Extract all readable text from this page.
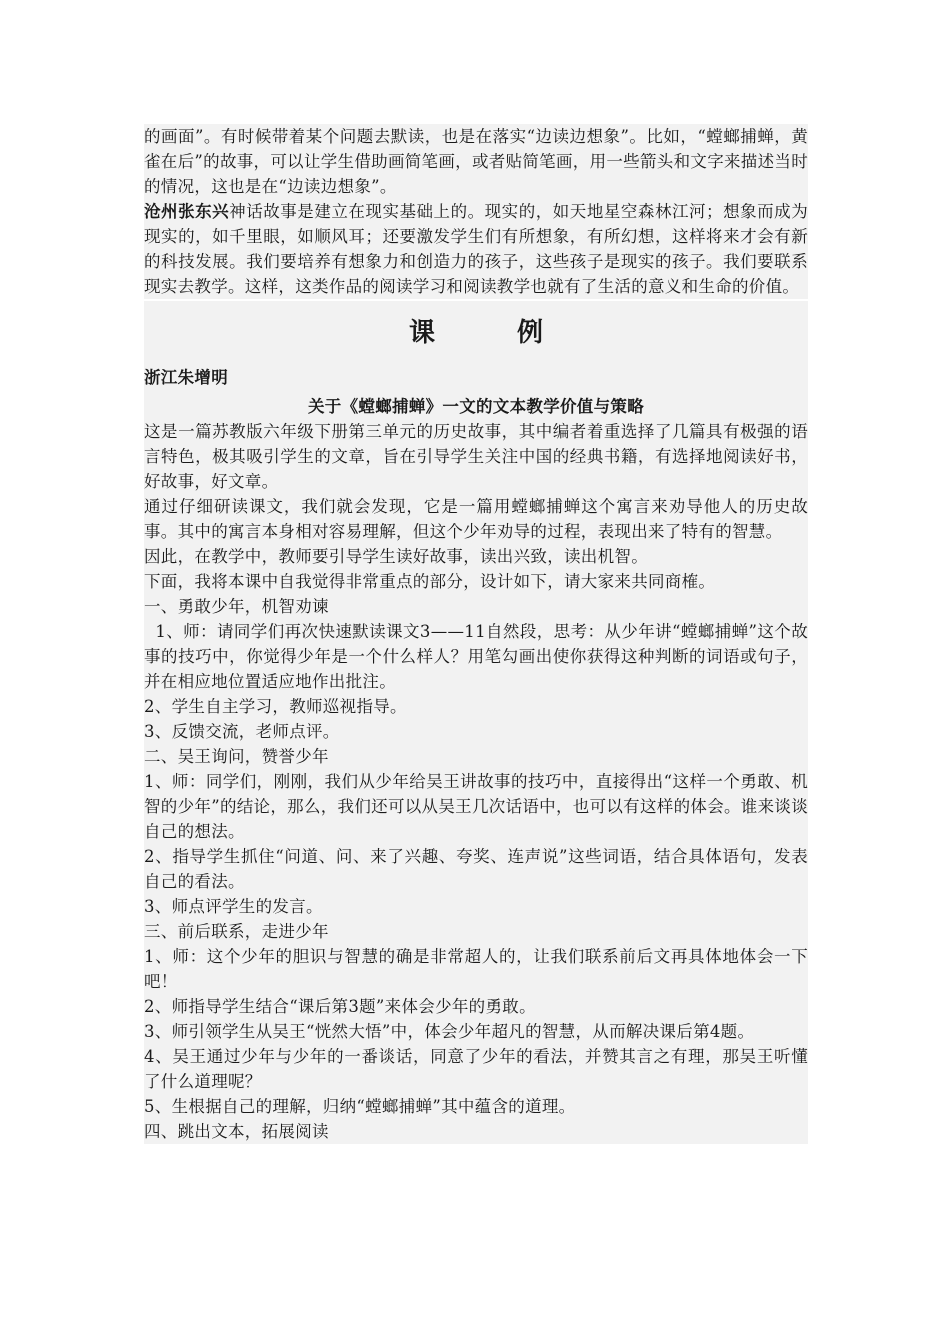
的画面”。有时候带着某个问题去默读，也是在落实“边读边想象”。比如，“螳螂捕蝉，黄雀在后”的故事，可以让学生借助画简笔画，或者贴简笔画，用一些箭头和文字来描述当时的情况，这也是在“边读边想象”。

沧州张东兴神话故事是建立在现实基础上的。现实的，如天地星空森林江河；想象而成为现实的，如千里眼，如顺风耳；还要激发学生们有所想象，有所幻想，这样将来才会有新的科技发展。我们要培养有想象力和创造力的孩子，这些孩子是现实的孩子。我们要联系现实去教学。这样，这类作品的阅读学习和阅读教学也就有了生活的意义和生命的价值。

课	例

浙江朱增明

关于《螳螂捕蝉》一文的文本教学价值与策略

这是一篇苏教版六年级下册第三单元的历史故事，其中编者着重选择了几篇具有极强的语言特色，极其吸引学生的文章，旨在引导学生关注中国的经典书籍，有选择地阅读好书，好故事，好文章。

通过仔细研读课文，我们就会发现，它是一篇用螳螂捕蝉这个寓言来劝导他人的历史故事。其中的寓言本身相对容易理解，但这个少年劝导的过程，表现出来了特有的智慧。

因此，在教学中，教师要引导学生读好故事，读出兴致，读出机智。

下面，我将本课中自我觉得非常重点的部分，设计如下，请大家来共同商榷。

一、勇敢少年，机智劝谏

1、师：请同学们再次快速默读课文3——11自然段，思考：从少年讲“螳螂捕蝉”这个故事的技巧中，你觉得少年是一个什么样人？用笔勾画出使你获得这种判断的词语或句子，并在相应地位置适应地作出批注。

2、学生自主学习，教师巡视指导。

3、反馈交流，老师点评。

二、吴王询问，赞誉少年

1、师：同学们，刚刚，我们从少年给吴王讲故事的技巧中，直接得出“这样一个勇敢、机智的少年”的结论，那么，我们还可以从吴王几次话语中，也可以有这样的体会。谁来谈谈自己的想法。

2、指导学生抓住“问道、问、来了兴趣、夸奖、连声说”这些词语，结合具体语句，发表自己的看法。

3、师点评学生的发言。

三、前后联系，走进少年

1、师：这个少年的胆识与智慧的确是非常超人的，让我们联系前后文再具体地体会一下吧！

2、师指导学生结合“课后第3题”来体会少年的勇敢。

3、师引领学生从吴王“恍然大悟”中，体会少年超凡的智慧，从而解决课后第4题。

4、吴王通过少年与少年的一番谈话，同意了少年的看法，并赞其言之有理，那吴王听懂了什么道理呢？

5、生根据自己的理解，归纳“螳螂捕蝉”其中蕴含的道理。

四、跳出文本，拓展阅读
